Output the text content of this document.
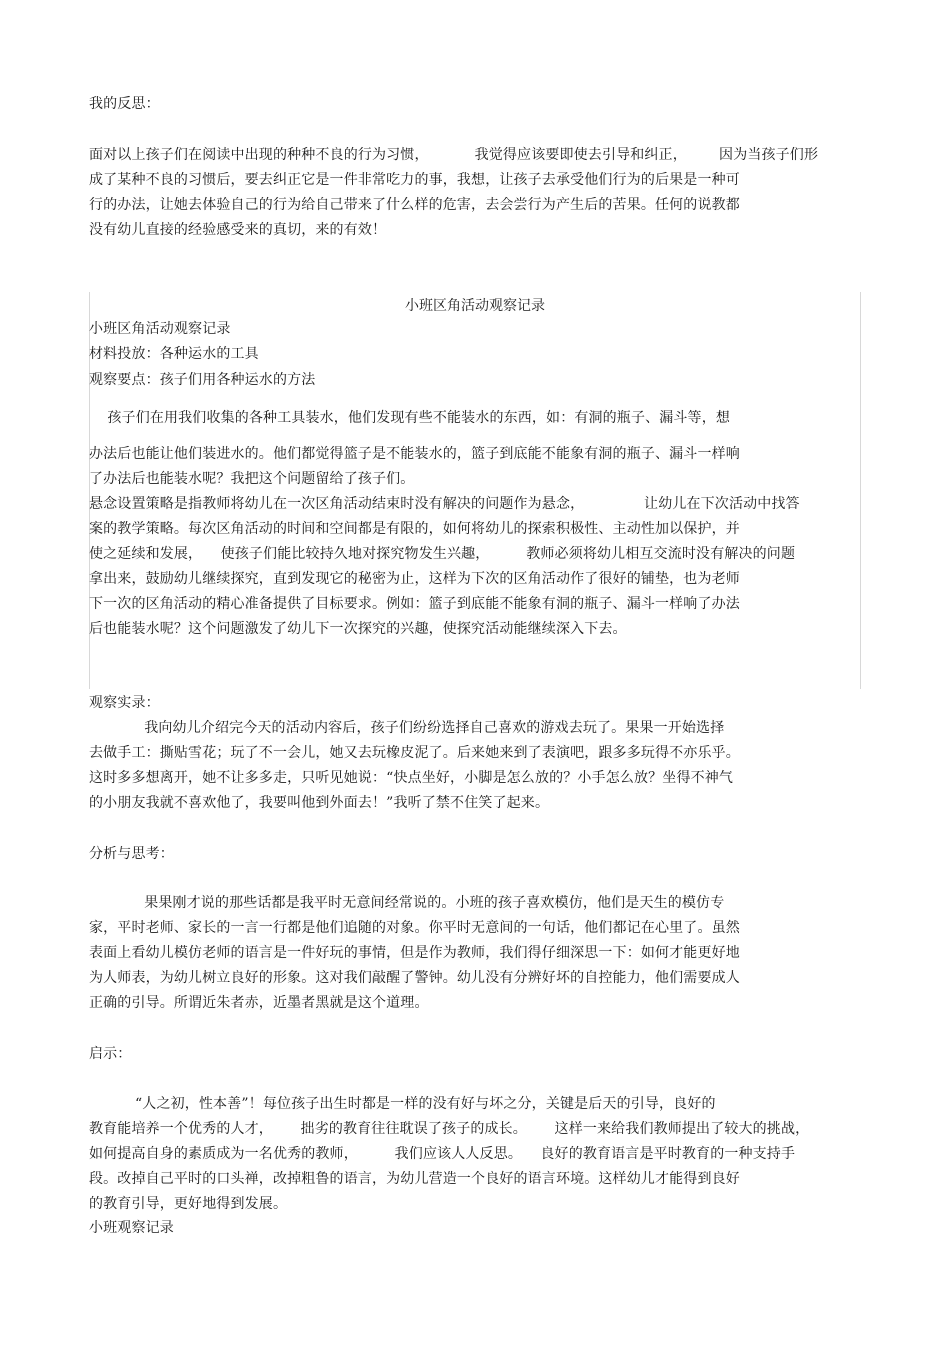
我的反思：
面对以上孩子们在阅读中出现的种种不良的行为习惯，          我觉得应该要即使去引导和纠正，       因为当孩子们形
成了某种不良的习惯后，要去纠正它是一件非常吃力的事，我想，让孩子去承受他们行为的后果是一种可
行的办法，让她去体验自己的行为给自己带来了什么样的危害，去会尝行为产生后的苦果。任何的说教都
没有幼儿直接的经验感受来的真切，来的有效！
小班区角活动观察记录
小班区角活动观察记录
材料投放：各种运水的工具
观察要点：孩子们用各种运水的方法
孩子们在用我们收集的各种工具装水，他们发现有些不能装水的东西，如：有洞的瓶子、漏斗等，想
办法后也能让他们装进水的。他们都觉得篮子是不能装水的，篮子到底能不能象有洞的瓶子、漏斗一样响
了办法后也能装水呢？我把这个问题留给了孩子们。
悬念设置策略是指教师将幼儿在一次区角活动结束时没有解决的问题作为悬念，             让幼儿在下次活动中找答
案的教学策略。每次区角活动的时间和空间都是有限的，如何将幼儿的探索积极性、主动性加以保护，并
使之延续和发展，    使孩子们能比较持久地对探究物发生兴趣，        教师必须将幼儿相互交流时没有解决的问题
拿出来，鼓励幼儿继续探究，直到发现它的秘密为止，这样为下次的区角活动作了很好的铺垫，也为老师
下一次的区角活动的精心准备提供了目标要求。例如：篮子到底能不能象有洞的瓶子、漏斗一样响了办法
后也能装水呢？这个问题激发了幼儿下一次探究的兴趣，使探究活动能继续深入下去。
观察实录：
我向幼儿介绍完今天的活动内容后，孩子们纷纷选择自己喜欢的游戏去玩了。果果一开始选择
去做手工：撕贴雪花；玩了不一会儿，她又去玩橡皮泥了。后来她来到了表演吧，跟多多玩得不亦乐乎。
这时多多想离开，她不让多多走，只听见她说：“快点坐好，小脚是怎么放的？小手怎么放？坐得不神气
的小朋友我就不喜欢他了，我要叫他到外面去！”我听了禁不住笑了起来。
分析与思考：
果果刚才说的那些话都是我平时无意间经常说的。小班的孩子喜欢模仿，他们是天生的模仿专
家，平时老师、家长的一言一行都是他们追随的对象。你平时无意间的一句话，他们都记在心里了。虽然
表面上看幼儿模仿老师的语言是一件好玩的事情，但是作为教师，我们得仔细深思一下：如何才能更好地
为人师表，为幼儿树立良好的形象。这对我们敲醒了警钟。幼儿没有分辨好坏的自控能力，他们需要成人
正确的引导。所谓近朱者赤，近墨者黑就是这个道理。
启示：
“人之初，性本善”！每位孩子出生时都是一样的没有好与坏之分，关键是后天的引导，良好的
教育能培养一个优秀的人才，      拙劣的教育往往耽误了孩子的成长。      这样一来给我们教师提出了较大的挑战，
如何提高自身的素质成为一名优秀的教师，        我们应该人人反思。    良好的教育语言是平时教育的一种支持手
段。改掉自己平时的口头禅，改掉粗鲁的语言，为幼儿营造一个良好的语言环境。这样幼儿才能得到良好
的教育引导，更好地得到发展。
小班观察记录
